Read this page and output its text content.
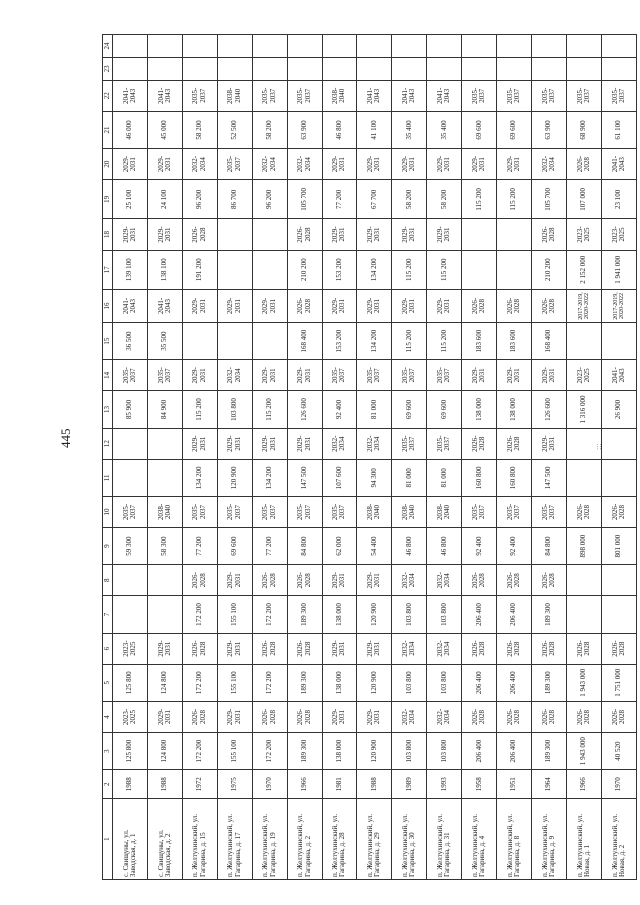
445
1	2	3	4	5	6	7	8	9	10	11	12	13	14	15	16	17	18	19	20	21	22	23	24
с. Свищуны, ул. Заводская, д. 1	1988	125 800	2023-2025	125 800	2023-2025			59 300	2035-2037			85 900	2035-2037	36 500	2041-2043	139 100	2029-2031	25 100	2029-2031	46 000	2041-2043		
с. Свищуны, ул. Заводская, д. 2	1988	124 800	2029-2031	124 800	2029-2031			58 300	2038-2040			84 900	2035-2037	35 500	2041-2043	138 100	2029-2031	24 100	2029-2031	45 000	2041-2043		
п. Желтухинский, ул. Гагарина, д. 15	1972	172 200	2026-2028	172 200	2026-2028	172 200	2026-2028	77 200	2035-2037	134 200	2029-2031	115 200	2029-2031		2029-2031	191 200	2026-2028	96 200	2032-2034	58 200	2035-2037		
п. Желтухинский, ул. Гагарина, д. 17	1975	155 100	2029-2031	155 100	2029-2031	155 100	2029-2031	69 600	2035-2037	120 900	2029-2031	103 800	2032-2034		2029-2031			86 700	2035-2037	52 500	2038-2040		
п. Желтухинский, ул. Гагарина, д. 19	1970	172 200	2026-2028	172 200	2026-2028	172 200	2026-2028	77 200	2035-2037	134 200	2029-2031	115 200	2029-2031		2029-2031			96 200	2032-2034	58 200	2035-2037		
п. Желтухинский, ул. Гагарина, д. 2	1966	189 300	2026-2028	189 300	2026-2028	189 300	2026-2028	84 800	2035-2037	147 500	2029-2031	126 600	2029-2031	168 400	2026-2028	210 200	2026-2028	105 700	2032-2034	63 900	2035-2037		
п. Желтухинский, ул. Гагарина, д. 28	1981	138 000	2029-2031	138 000	2029-2031	138 000	2029-2031	62 000	2035-2037	107 600	2032-2034	92 400	2035-2037	153 200	2029-2031	153 200	2029-2031	77 200	2029-2031	46 800	2038-2040		
п. Желтухинский, ул. Гагарина, д. 29	1988	120 900	2029-2031	120 900	2029-2031	120 900	2029-2031	54 400	2038-2040	94 300	2032-2034	81 000	2035-2037	134 200	2029-2031	134 200	2029-2031	67 700	2029-2031	41 100	2041-2043		
п. Желтухинский, ул. Гагарина, д. 30	1989	103 800	2032-2034	103 800	2032-2034	103 800	2032-2034	46 800	2038-2040	81 000	2035-2037	69 600	2035-2037	115 200	2029-2031	115 200	2029-2031	58 200	2029-2031	35 400	2041-2043		
п. Желтухинский, ул. Гагарина, д. 31	1993	103 800	2032-2034	103 800	2032-2034	103 800	2032-2034	46 800	2038-2040	81 000	2035-2037	69 600	2035-2037	115 200	2029-2031	115 200	2029-2031	58 200	2029-2031	35 400	2041-2043		
п. Желтухинский, ул. Гагарина, д. 4	1958	206 400	2026-2028	206 400	2026-2028	206 400	2026-2028	92 400	2035-2037	160 800	2026-2028	138 000	2029-2031	183 600	2026-2028			115 200	2029-2031	69 600	2035-2037		
п. Желтухинский, ул. Гагарина, д. 8	1951	206 400	2026-2028	206 400	2026-2028	206 400	2026-2028	92 400	2035-2037	160 800	2026-2028	138 000	2029-2031	183 600	2026-2028			115 200	2029-2031	69 600	2035-2037		
п. Желтухинский, ул. Гагарина, д. 9	1964	189 300	2026-2028	189 300	2026-2028	189 300	2026-2028	84 800	2035-2037	147 500	2029-2031	126 600	2029-2031	168 400	2026-2028	210 200	2026-2028	105 700	2032-2034	63 900	2035-2037		
п. Желтухинский, ул. Новая, д. 1	1966	1 943 000	2026-2028	1 943 000	2026-2028			898 000	2026-2028			1 316 000	2023-2025		2017-2019, 2020-2022	2 152 000	2023-2025	107 000	2026-2028	68 900	2035-2037		
п. Желтухинский, ул. Новая, д. 2	1970	40 520	2026-2028	1 751 000	2026-2028			801 000	2026-2028			26 900	2041-2043		2017-2019, 2020-2022	1 941 000	2023-2025	23 100	2041-2043	61 100	2035-2037		
:::
